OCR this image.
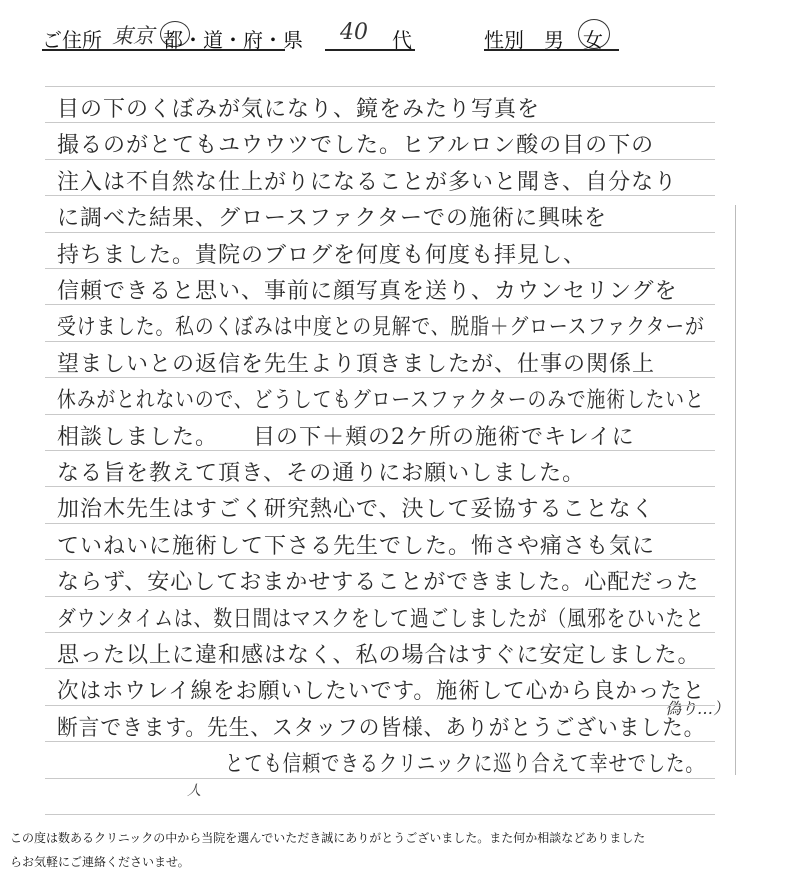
ご住所 東京 都・道・府・県 40 代	性別 男 女
偽り…）
人
目の下のくぼみが気になり、鏡をみたり写真を
撮るのがとてもユウウツでした。ヒアルロン酸の目の下の
注入は不自然な仕上がりになることが多いと聞き、自分なり
に調べた結果、グロースファクターでの施術に興味を
持ちました。貴院のブログを何度も何度も拝見し、
信頼できると思い、事前に顔写真を送り、カウンセリングを
受けました。私のくぼみは中度との見解で、脱脂＋グロースファクターが
望ましいとの返信を先生より頂きましたが、仕事の関係上
休みがとれないので、どうしてもグロースファクターのみで施術したいと
相談しました。　　目の下＋頬の2ケ所の施術でキレイに
なる旨を教えて頂き、その通りにお願いしました。
加治木先生はすごく研究熱心で、決して妥協することなく
ていねいに施術して下さる先生でした。怖さや痛さも気に
ならず、安心しておまかせすることができました。心配だった
ダウンタイムは、数日間はマスクをして過ごしましたが（風邪をひいたと
思った以上に違和感はなく、私の場合はすぐに安定しました。
次はホウレイ線をお願いしたいです。施術して心から良かったと
断言できます。先生、スタッフの皆様、ありがとうございました。
とても信頼できるクリニックに巡り合えて幸せでした。
この度は数あるクリニックの中から当院を選んでいただき誠にありがとうございました。また何か相談などありました
らお気軽にご連絡くださいませ。
